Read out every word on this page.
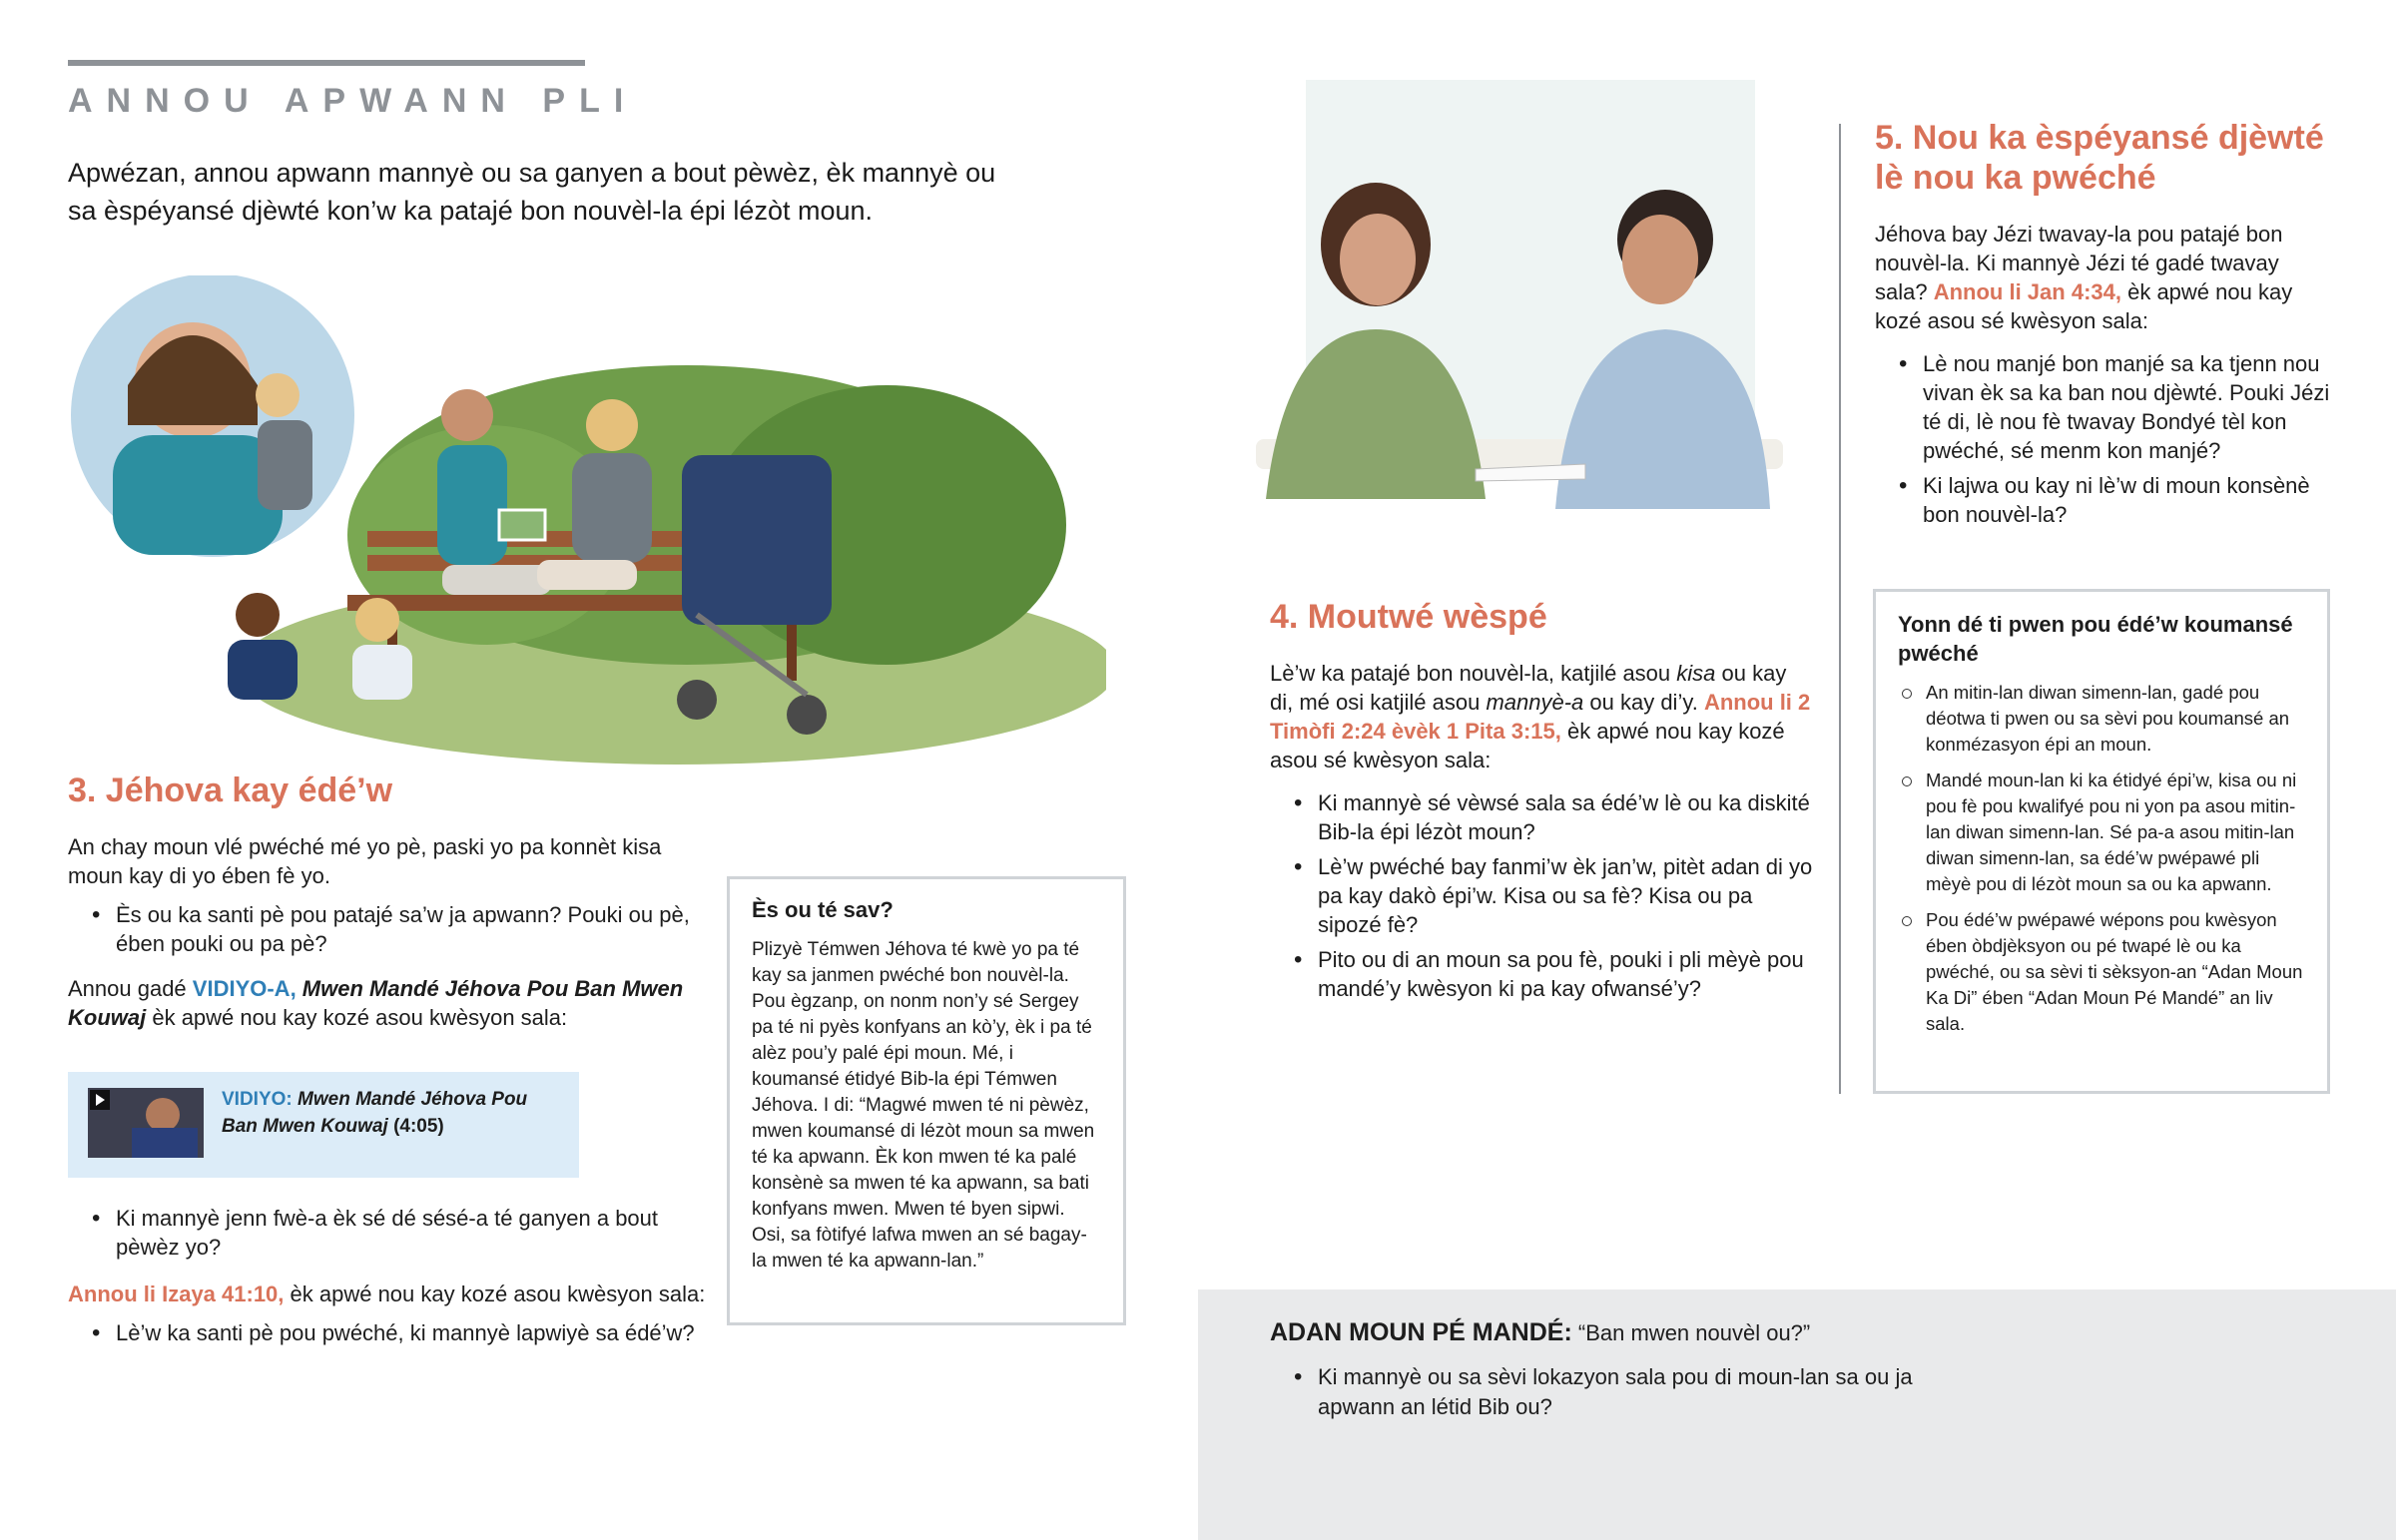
ANNOU APWANN PLI
Apwézan, annou apwann mannyè ou sa ganyen a bout pèwèz, èk mannyè ou sa èspéyansé djèwté kon’w ka patajé bon nouvèl-la épi lézòt moun.
3. Jéhova kay édé’w
An chay moun vlé pwéché mé yo pè, paski yo pa konnèt kisa moun kay di yo ében fè yo.
• Ès ou ka santi pè pou patajé sa’w ja apwann? Pouki ou pè, ében pouki ou pa pè?
Annou gadé VIDIYO-A, Mwen Mandé Jéhova Pou Ban Mwen Kouwaj èk apwé nou kay kozé asou kwèsyon sala:
VIDIYO: Mwen Mandé Jéhova Pou Ban Mwen Kouwaj (4:05)
• Ki mannyè jenn fwè-a èk sé dé sésé-a té ganyen a bout pèwèz yo?
Annou li Izaya 41:10, èk apwé nou kay kozé asou kwèsyon sala:
• Lè’w ka santi pè pou pwéché, ki mannyè lapwiyè sa édé’w?
Ès ou té sav?
Plizyè Témwen Jéhova té kwè yo pa té kay sa janmen pwéché bon nouvèl-la. Pou ègzanp, on nonm non’y sé Sergey pa té ni pyès konfyans an kò’y, èk i pa té alèz pou’y palé épi moun. Mé, i koumansé étidyé Bib-la épi Témwen Jéhova. I di: “Magwé mwen té ni pèwèz, mwen koumansé di lézòt moun sa mwen té ka apwann. Èk kon mwen té ka palé konsènè sa mwen té ka apwann, sa bati konfyans mwen. Mwen té byen sipwi. Osi, sa fòtifyé lafwa mwen an sé bagay-la mwen té ka apwann-lan.”
4. Moutwé wèspé
Lè’w ka patajé bon nouvèl-la, katjilé asou kisa ou kay di, mé osi katjilé asou mannyè-a ou kay di’y. Annou li 2 Timòfi 2:24 èvèk 1 Pita 3:15, èk apwé nou kay kozé asou sé kwèsyon sala:
• Ki mannyè sé vèwsé sala sa édé’w lè ou ka diskité Bib-la épi lézòt moun?
• Lè’w pwéché bay fanmi’w èk jan’w, pitèt adan di yo pa kay dakò épi’w. Kisa ou sa fè? Kisa ou pa sipozé fè?
• Pito ou di an moun sa pou fè, pouki i pli mèyè pou mandé’y kwèsyon ki pa kay ofwansé’y?
5. Nou ka èspéyansé djèwté
lè nou ka pwéché
Jéhova bay Jézi twavay-la pou patajé bon nouvèl-la. Ki mannyè Jézi té gadé twavay sala? Annou li Jan 4:34, èk apwé nou kay kozé asou sé kwèsyon sala:
• Lè nou manjé bon manjé sa ka tjenn nou vivan èk sa ka ban nou djèwté. Pouki Jézi té di, lè nou fè twavay Bondyé tèl kon pwéché, sé menm kon manjé?
• Ki lajwa ou kay ni lè’w di moun konsènè bon nouvèl-la?
Yonn dé ti pwen pou édé’w koumansé pwéché
An mitin-lan diwan simenn-lan, gadé pou déotwa ti pwen ou sa sèvi pou koumansé an konmézasyon épi an moun.
Mandé moun-lan ki ka étidyé épi’w, kisa ou ni pou fè pou kwalifyé pou ni yon pa asou mitin-lan diwan simenn-lan. Sé pa-a asou mitin-lan diwan simenn-lan, sa édé’w pwépawé pli mèyè pou di lézòt moun sa ou ka apwann.
Pou édé’w pwépawé wépons pou kwèsyon ében òbdjèksyon ou pé twapé lè ou ka pwéché, ou sa sèvi ti sèksyon-an “Adan Moun Ka Di” ében “Adan Moun Pé Mandé” an liv sala.
ADAN MOUN PÉ MANDÉ: “Ban mwen nouvèl ou?”
• Ki mannyè ou sa sèvi lokazyon sala pou di moun-lan sa ou ja apwann an létid Bib ou?
